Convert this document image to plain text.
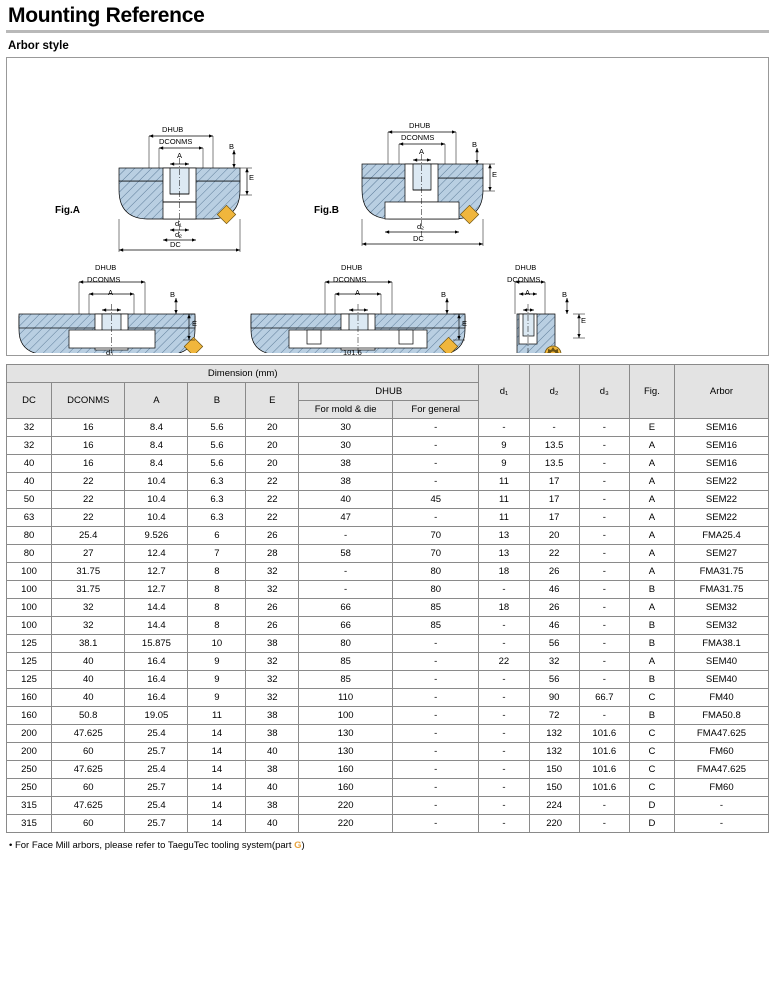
Mounting Reference
Arbor style
Fig.A	Fig.B
DHUB
DCONMS
A
B
E
d₁
d₂
DC
DHUB
DCONMS
A
B
E
d₂
DC
DHUB
DCONMS
A	B
E
d₃
DHUB
DCONMS
A	B
E
101.6
DHUB
DCONMS
A	B
E
Dimension (mm)							d₁	d₂	d₃	Fig.	Arbor
DC	DCONMS	A	B	E	DHUB						
					For mold & die	For general					
32	16	8.4	5.6	20	30	-	-	-	-	E	SEM16
32	16	8.4	5.6	20	30	-	9	13.5	-	A	SEM16
40	16	8.4	5.6	20	38	-	9	13.5	-	A	SEM16
40	22	10.4	6.3	22	38	-	11	17	-	A	SEM22
50	22	10.4	6.3	22	40	45	11	17	-	A	SEM22
63	22	10.4	6.3	22	47	-	11	17	-	A	SEM22
80	25.4	9.526	6	26	-	70	13	20	-	A	FMA25.4
80	27	12.4	7	28	58	70	13	22	-	A	SEM27
100	31.75	12.7	8	32	-	80	18	26	-	A	FMA31.75
100	31.75	12.7	8	32	-	80	-	46	-	B	FMA31.75
100	32	14.4	8	26	66	85	18	26	-	A	SEM32
100	32	14.4	8	26	66	85	-	46	-	B	SEM32
125	38.1	15.875	10	38	80	-	-	56	-	B	FMA38.1
125	40	16.4	9	32	85	-	22	32	-	A	SEM40
125	40	16.4	9	32	85	-	-	56	-	B	SEM40
160	40	16.4	9	32	110	-	-	90	66.7	C	FM40
160	50.8	19.05	11	38	100	-	-	72	-	B	FMA50.8
200	47.625	25.4	14	38	130	-	-	132	101.6	C	FMA47.625
200	60	25.7	14	40	130	-	-	132	101.6	C	FM60
250	47.625	25.4	14	38	160	-	-	150	101.6	C	FMA47.625
250	60	25.7	14	40	160	-	-	150	101.6	C	FM60
315	47.625	25.4	14	38	220	-	-	224	-	D	-
315	60	25.7	14	40	220	-	-	220	-	D	-
• For Face Mill arbors, please refer to TaeguTec tooling system(part G)
